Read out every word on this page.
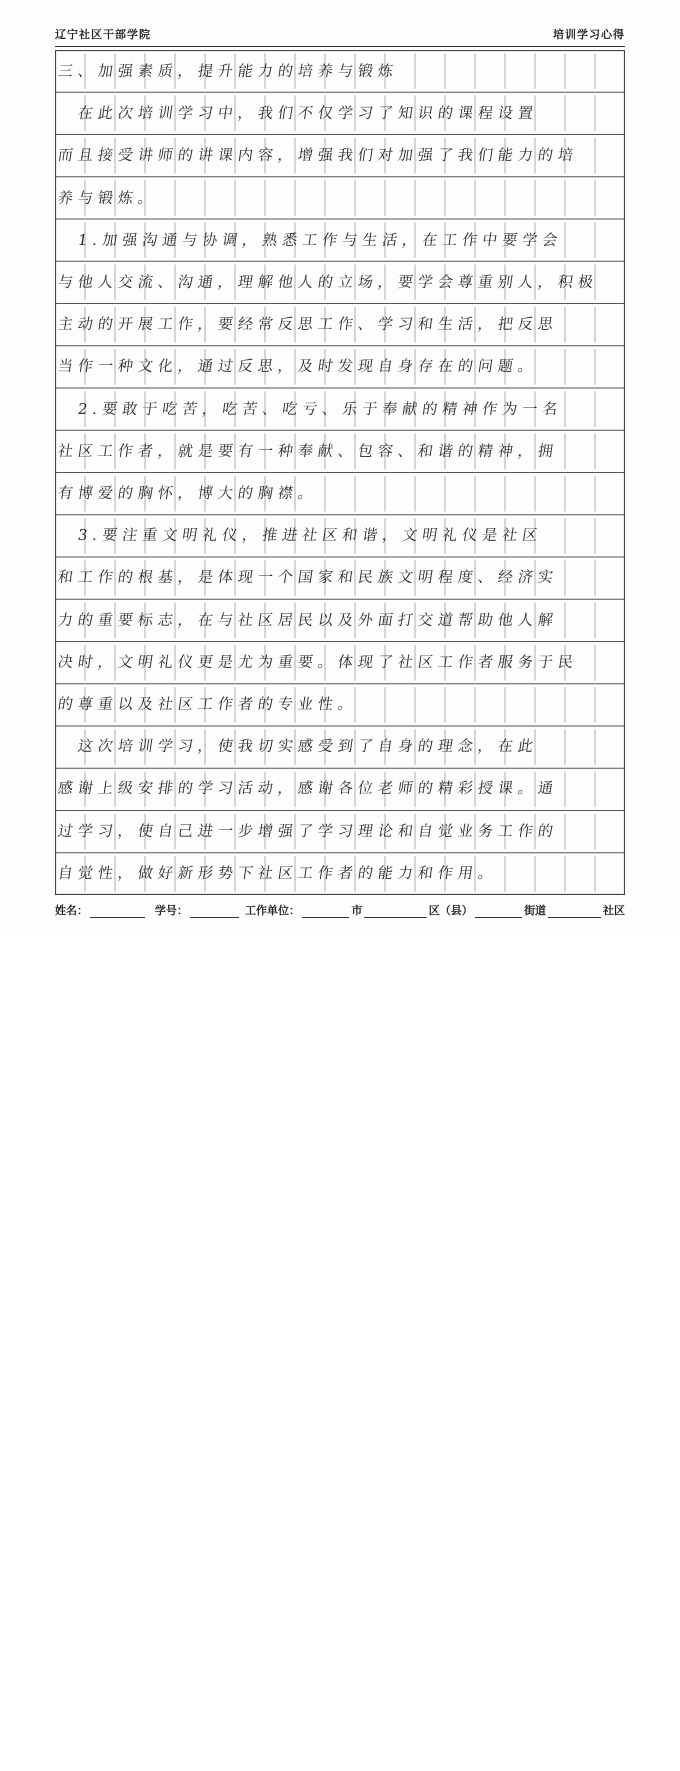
辽宁社区干部学院	培训学习心得
三、加强素质，提升能力的培养与锻炼
　在此次培训学习中，我们不仅学习了知识的课程设置
而且接受讲师的讲课内容，增强我们对加强了我们能力的培
养与锻炼。
　1.加强沟通与协调，熟悉工作与生活，在工作中要学会
与他人交流、沟通，理解他人的立场，要学会尊重别人，积极
主动的开展工作，要经常反思工作、学习和生活，把反思
当作一种文化，通过反思，及时发现自身存在的问题。
　2.要敢于吃苦，吃苦、吃亏、乐于奉献的精神作为一名
社区工作者，就是要有一种奉献、包容、和谐的精神，拥
有博爱的胸怀，博大的胸襟。
　3.要注重文明礼仪，推进社区和谐，文明礼仪是社区
和工作的根基，是体现一个国家和民族文明程度、经济实
力的重要标志，在与社区居民以及外面打交道帮助他人解
决时，文明礼仪更是尤为重要。体现了社区工作者服务于民
的尊重以及社区工作者的专业性。
　这次培训学习，使我切实感受到了自身的理念，在此
感谢上级安排的学习活动，感谢各位老师的精彩授课。通
过学习，使自己进一步增强了学习理论和自觉业务工作的
自觉性，做好新形势下社区工作者的能力和作用。
姓名：	学号：	工作单位：	市	区（县）	街道	社区
